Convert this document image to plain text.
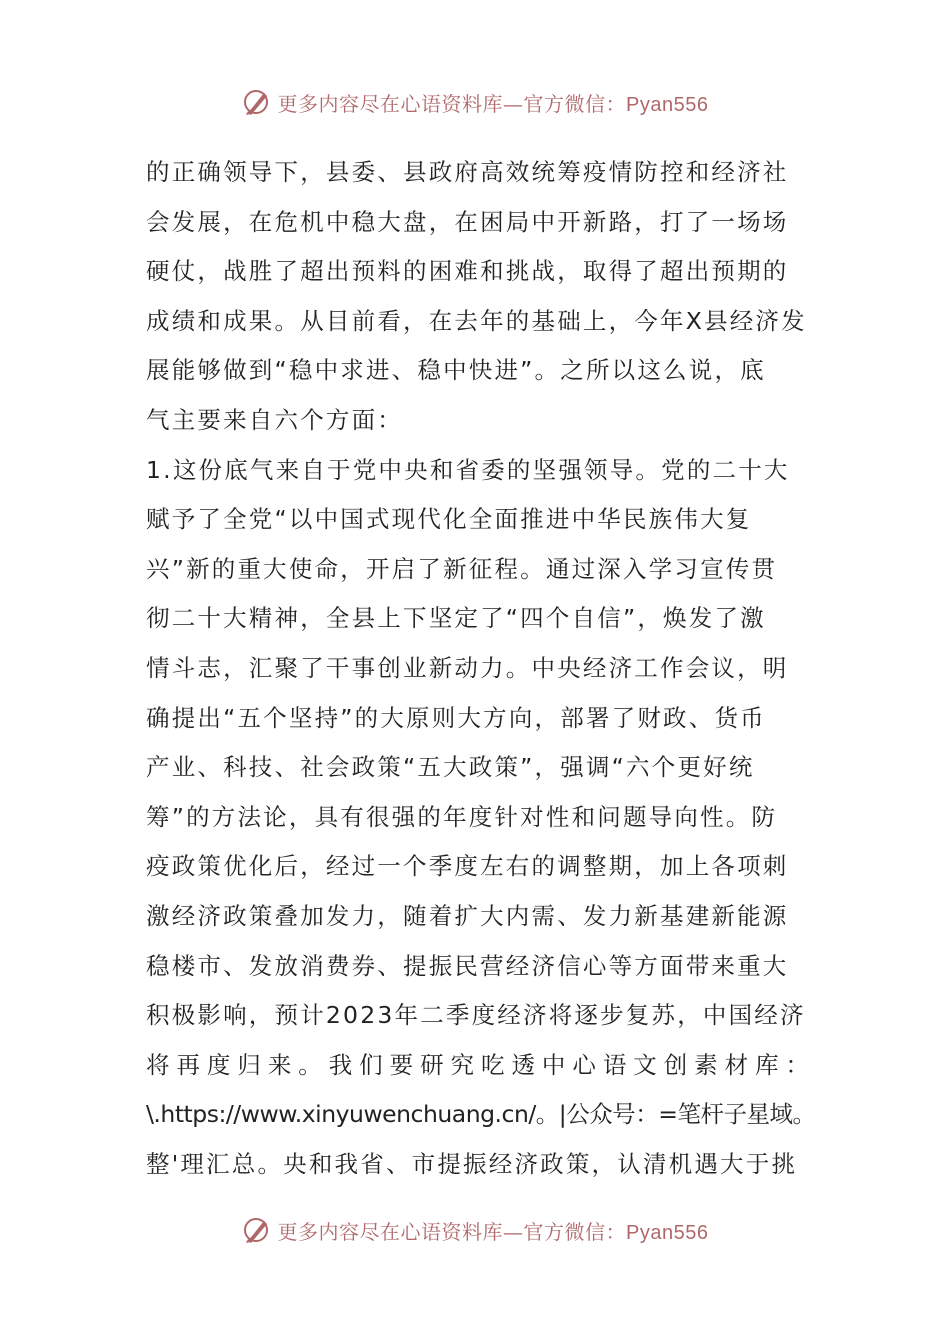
更多内容尽在心语资料库—官方微信：Pyan556
的正确领导下，县委、县政府高效统筹疫情防控和经济社
会发展，在危机中稳大盘，在困局中开新路，打了一场场
硬仗，战胜了超出预料的困难和挑战，取得了超出预期的
成绩和成果。从目前看，在去年的基础上，今年X县经济发
展能够做到“稳中求进、稳中快进”。之所以这么说，底
气主要来自六个方面：
1.这份底气来自于党中央和省委的坚强领导。党的二十大
赋予了全党“以中国式现代化全面推进中华民族伟大复
兴”新的重大使命，开启了新征程。通过深入学习宣传贯
彻二十大精神，全县上下坚定了“四个自信”，焕发了激
情斗志，汇聚了干事创业新动力。中央经济工作会议，明
确提出“五个坚持”的大原则大方向，部署了财政、货币
产业、科技、社会政策“五大政策”，强调“六个更好统
筹”的方法论，具有很强的年度针对性和问题导向性。防
疫政策优化后，经过一个季度左右的调整期，加上各项刺
激经济政策叠加发力，随着扩大内需、发力新基建新能源
稳楼市、发放消费券、提振民营经济信心等方面带来重大
积极影响，预计2023年二季度经济将逐步复苏，中国经济
将再度归来。我们要研究吃透中心语文创素材库：
\.https://www.xinyuwenchuang.cn/。|公众号：=笔杆子星域。
整'理汇总。央和我省、市提振经济政策，认清机遇大于挑
更多内容尽在心语资料库—官方微信：Pyan556
